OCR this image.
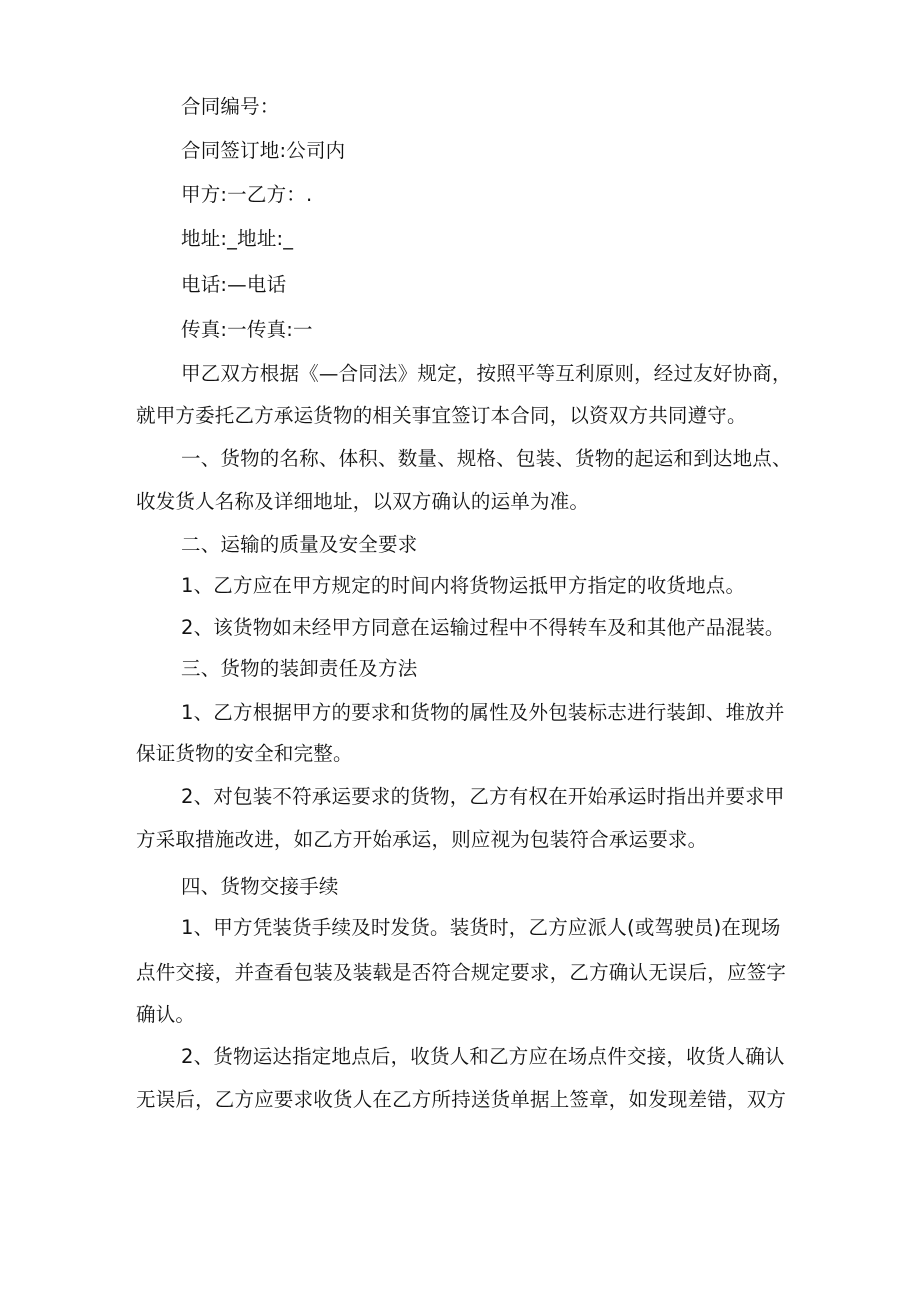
合同编号：
合同签订地:公司内
甲方:一乙方：.
地址:_地址:_
电话:—电话
传真:一传真:一
甲乙双方根据《—合同法》规定，按照平等互利原则，经过友好协商，
就甲方委托乙方承运货物的相关事宜签订本合同，以资双方共同遵守。
一、货物的名称、体积、数量、规格、包装、货物的起运和到达地点、
收发货人名称及详细地址，以双方确认的运单为准。
二、运输的质量及安全要求
1、乙方应在甲方规定的时间内将货物运抵甲方指定的收货地点。
2、该货物如未经甲方同意在运输过程中不得转车及和其他产品混装。
三、货物的装卸责任及方法
1、乙方根据甲方的要求和货物的属性及外包装标志进行装卸、堆放并
保证货物的安全和完整。
2、对包装不符承运要求的货物，乙方有权在开始承运时指出并要求甲
方采取措施改进，如乙方开始承运，则应视为包装符合承运要求。
四、货物交接手续
1、甲方凭装货手续及时发货。装货时，乙方应派人(或驾驶员)在现场
点件交接，并查看包装及装载是否符合规定要求，乙方确认无误后，应签字
确认。
2、货物运达指定地点后，收货人和乙方应在场点件交接，收货人确认
无误后，乙方应要求收货人在乙方所持送货单据上签章，如发现差错，双方
